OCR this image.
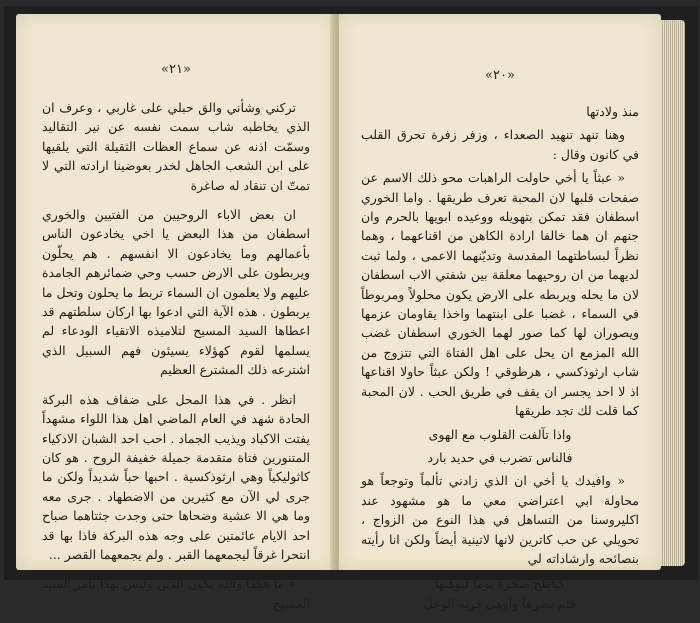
«٢١»

تركني وشأني والق حبلي على غاربي ، وعرف ان الذي يخاطبه شاب سمت نفسه عن نير التقاليد وسمّت اذنه عن سماع العظات الثقيلة التي يلقيها على ابن الشعب الجاهل لخدر بعوضينا ارادته التي لا تمتّ ان تنقاد له صاغرة

ان بعض الاباء الروحيين من الفتيين والخوري اسطفان من هذا البعض يا اخي يخادعون الناس بأعمالهم وما يخادعون الا انفسهم . هم يحلّون ويربطون على الارض حسب وحي ضمائرهم الجامدة عليهم ولا يعلمون ان السماء تربط ما يحلون وتحل ما يربطون . هذه الآية التي ادعوا بها اركان سلطتهم قد اعطاها السيد المسيح لتلاميذه الاتقياء الودعاء لم يسلمها لقوم كهؤلاء يسيئون فهم السبيل الذي اشترعه ذلك المشترع العظيم

انظر . في هذا المحل على ضفاف هذه البركة الحادة شهد في العام الماضي اهل هذا اللواء مشهداً يفتت الاكباد ويذيب الجماد . احب احد الشبان الاذكياء المتنورين فتاة متقدمة جميلة خفيفة الروح . هو كان كاثوليكياً وهي ارثوذكسية . احبها حباً شديداً ولكن ما جرى لي الآن مع كثيرين من الاضطهاد . جرى معه وما هي الا عشية وضحاها حتى وجدت جثتاهما صباح احد الايام عائمتين على وجه هذه البركة فاذا بها قد انتحرا غرقاً ليجمعهما القبر . ولم يجمعهما القصر ...

« ما هكذا والله يكون الدين وليس بهذا يأمر السيد المسيح

«٢٠»

منذ ولادتها

وهنا تنهد تنهيد الصعداء ، وزفر زفرة تحرق القلب في كانون وقال :

« عبثاً يا أخي حاولت الراهبات محو ذلك الاسم عن صفحات قلبها لان المحبة تعرف طريقها . واما الخوري اسطفان فقد تمكن بتهويله ووعيده ابويها بالحرم وان جنهم ان هما خالفا ارادة الكاهن من اقناعهما ، وهما نظراً لبساطتهما المقدسة وتديّنهما الاعمى ، ولما ثبت لديهما من ان روحيهما معلقة بين شفتي الاب اسطفان لان ما يحله ويربطه على الارض يكون محلولاً ومربوطاً في السماء ، غضبا على ابنتهما واخذا يقاومان عزمها ويصوران لها كما صور لهما الخوري اسطفان غضب الله المزمع ان يحل على اهل الفتاة التي تتزوج من شاب ارثوذكسي ، هرطوقي ! ولكن عبثاً حاولا اقناعها اذ لا احد يجسر ان يقف في طريق الحب . لان المحبة كما قلت لك تجد طريقها

واذا تآلفت القلوب مع الهوى

فالناس تضرب في حديد بارد

« وافيدك يا أخي ان الذي زادني تألماً وتوجعاً هو محاولة ابي اعتراضي معي ما هو مشهود عند اكليروسنا من التساهل في هذا النوع من الزواج ، تحويلي عن حب كاترين لانها لاتينية أيضاً ولكن انا رأيته بنصائحه وارشاداته لي

كناطح صخرة يوماً ليوهنها فلم يضرها وأوهى قرنه الوعل
